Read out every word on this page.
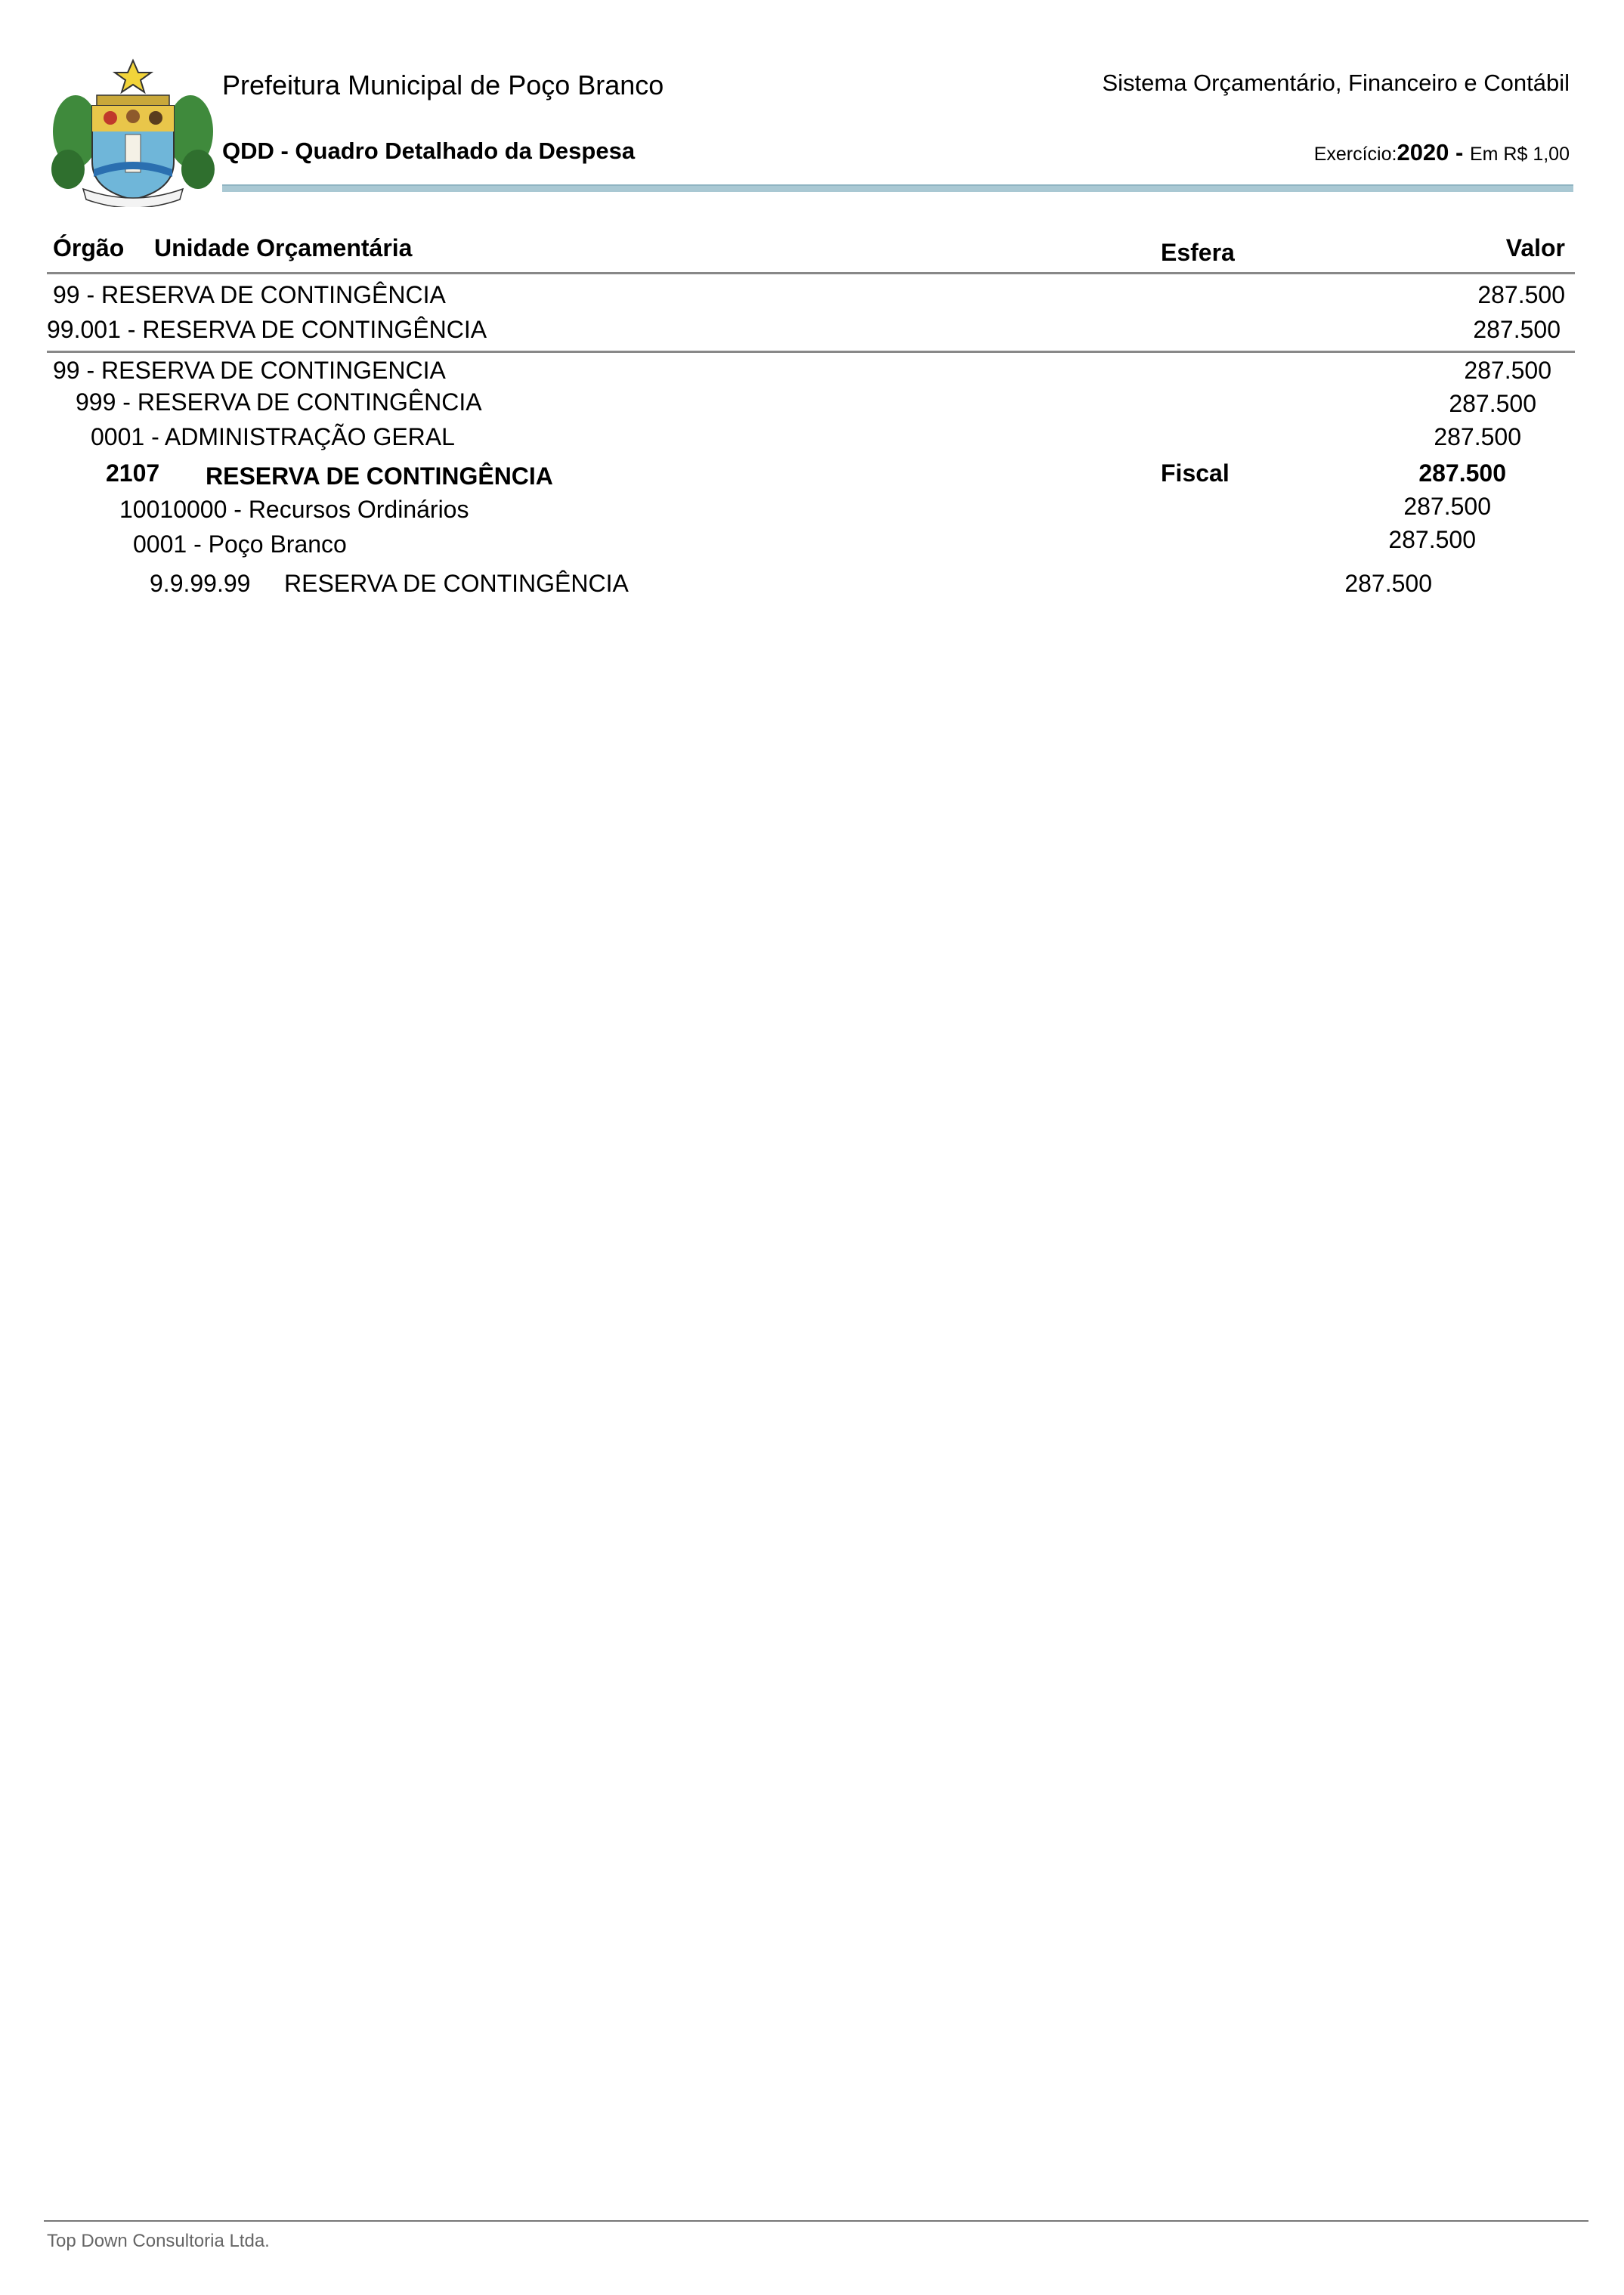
Prefeitura Municipal de Poço Branco	Sistema Orçamentário, Financeiro e Contábil
QDD - Quadro Detalhado da Despesa	Exercício:2020 - Em R$ 1,00
Órgão Unidade Orçamentária	Esfera	Valor
99 - RESERVA DE CONTINGÊNCIA	287.500
99.001 - RESERVA DE CONTINGÊNCIA	287.500
99 - RESERVA DE CONTINGENCIA	287.500
999 - RESERVA DE CONTINGÊNCIA	287.500
0001 - ADMINISTRAÇÃO GERAL	287.500
2107 RESERVA DE CONTINGÊNCIA	Fiscal	287.500
10010000 - Recursos Ordinários	287.500
0001 - Poço Branco	287.500
9.9.99.99 RESERVA DE CONTINGÊNCIA	287.500
Top Down Consultoria Ltda.
